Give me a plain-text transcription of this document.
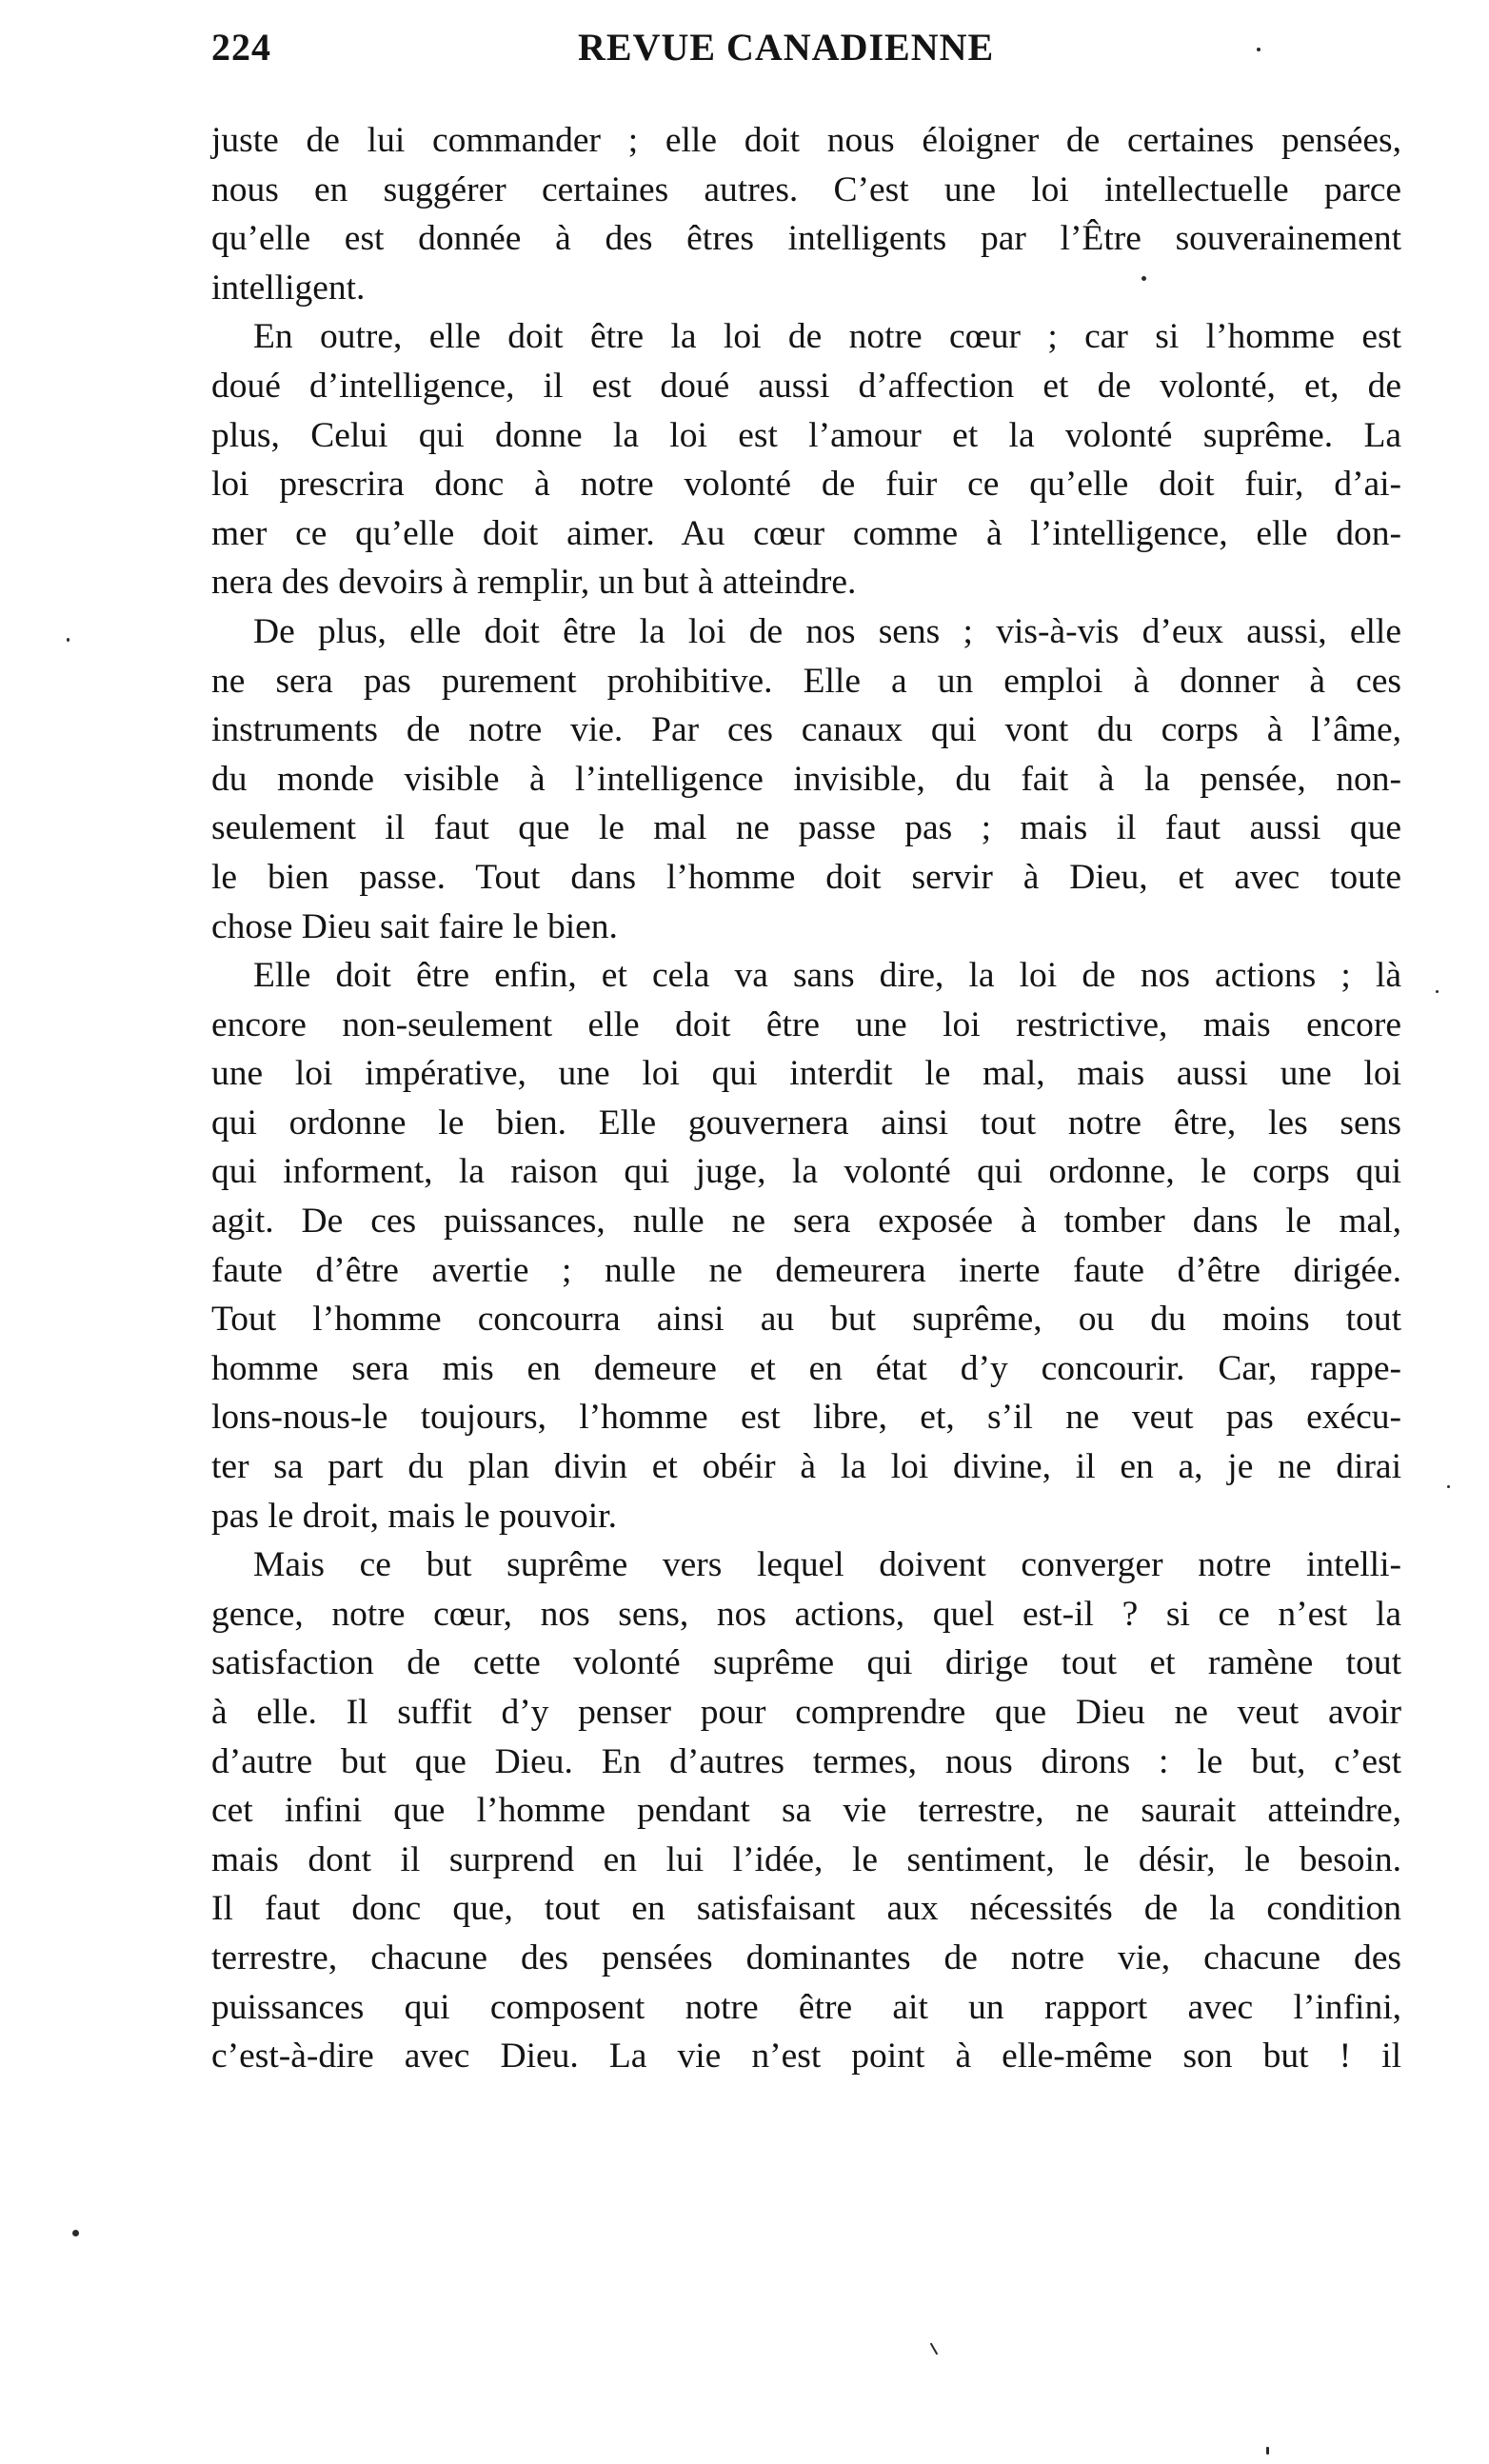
224	REVUE CANADIENNE
juste de lui commander ; elle doit nous éloigner de certaines pensées,
nous en suggérer certaines autres. C’est une loi intellectuelle parce
qu’elle est donnée à des êtres intelligents par l’Être souverainement
intelligent.
En outre, elle doit être la loi de notre cœur ; car si l’homme est
doué d’intelligence, il est doué aussi d’affection et de volonté, et, de
plus, Celui qui donne la loi est l’amour et la volonté suprême. La
loi prescrira donc à notre volonté de fuir ce qu’elle doit fuir, d’ai-
mer ce qu’elle doit aimer. Au cœur comme à l’intelligence, elle don-
nera des devoirs à remplir, un but à atteindre.
De plus, elle doit être la loi de nos sens ; vis-à-vis d’eux aussi, elle
ne sera pas purement prohibitive. Elle a un emploi à donner à ces
instruments de notre vie. Par ces canaux qui vont du corps à l’âme,
du monde visible à l’intelligence invisible, du fait à la pensée, non-
seulement il faut que le mal ne passe pas ; mais il faut aussi que
le bien passe. Tout dans l’homme doit servir à Dieu, et avec toute
chose Dieu sait faire le bien.
Elle doit être enfin, et cela va sans dire, la loi de nos actions ; là
encore non-seulement elle doit être une loi restrictive, mais encore
une loi impérative, une loi qui interdit le mal, mais aussi une loi
qui ordonne le bien. Elle gouvernera ainsi tout notre être, les sens
qui informent, la raison qui juge, la volonté qui ordonne, le corps qui
agit. De ces puissances, nulle ne sera exposée à tomber dans le mal,
faute d’être avertie ; nulle ne demeurera inerte faute d’être dirigée.
Tout l’homme concourra ainsi au but suprême, ou du moins tout
homme sera mis en demeure et en état d’y concourir. Car, rappe-
lons-nous-le toujours, l’homme est libre, et, s’il ne veut pas exécu-
ter sa part du plan divin et obéir à la loi divine, il en a, je ne dirai
pas le droit, mais le pouvoir.
Mais ce but suprême vers lequel doivent converger notre intelli-
gence, notre cœur, nos sens, nos actions, quel est-il ? si ce n’est la
satisfaction de cette volonté suprême qui dirige tout et ramène tout
à elle. Il suffit d’y penser pour comprendre que Dieu ne veut avoir
d’autre but que Dieu. En d’autres termes, nous dirons : le but, c’est
cet infini que l’homme pendant sa vie terrestre, ne saurait atteindre,
mais dont il surprend en lui l’idée, le sentiment, le désir, le besoin.
Il faut donc que, tout en satisfaisant aux nécessités de la condition
terrestre, chacune des pensées dominantes de notre vie, chacune des
puissances qui composent notre être ait un rapport avec l’infini,
c’est-à-dire avec Dieu. La vie n’est point à elle-même son but ! il
